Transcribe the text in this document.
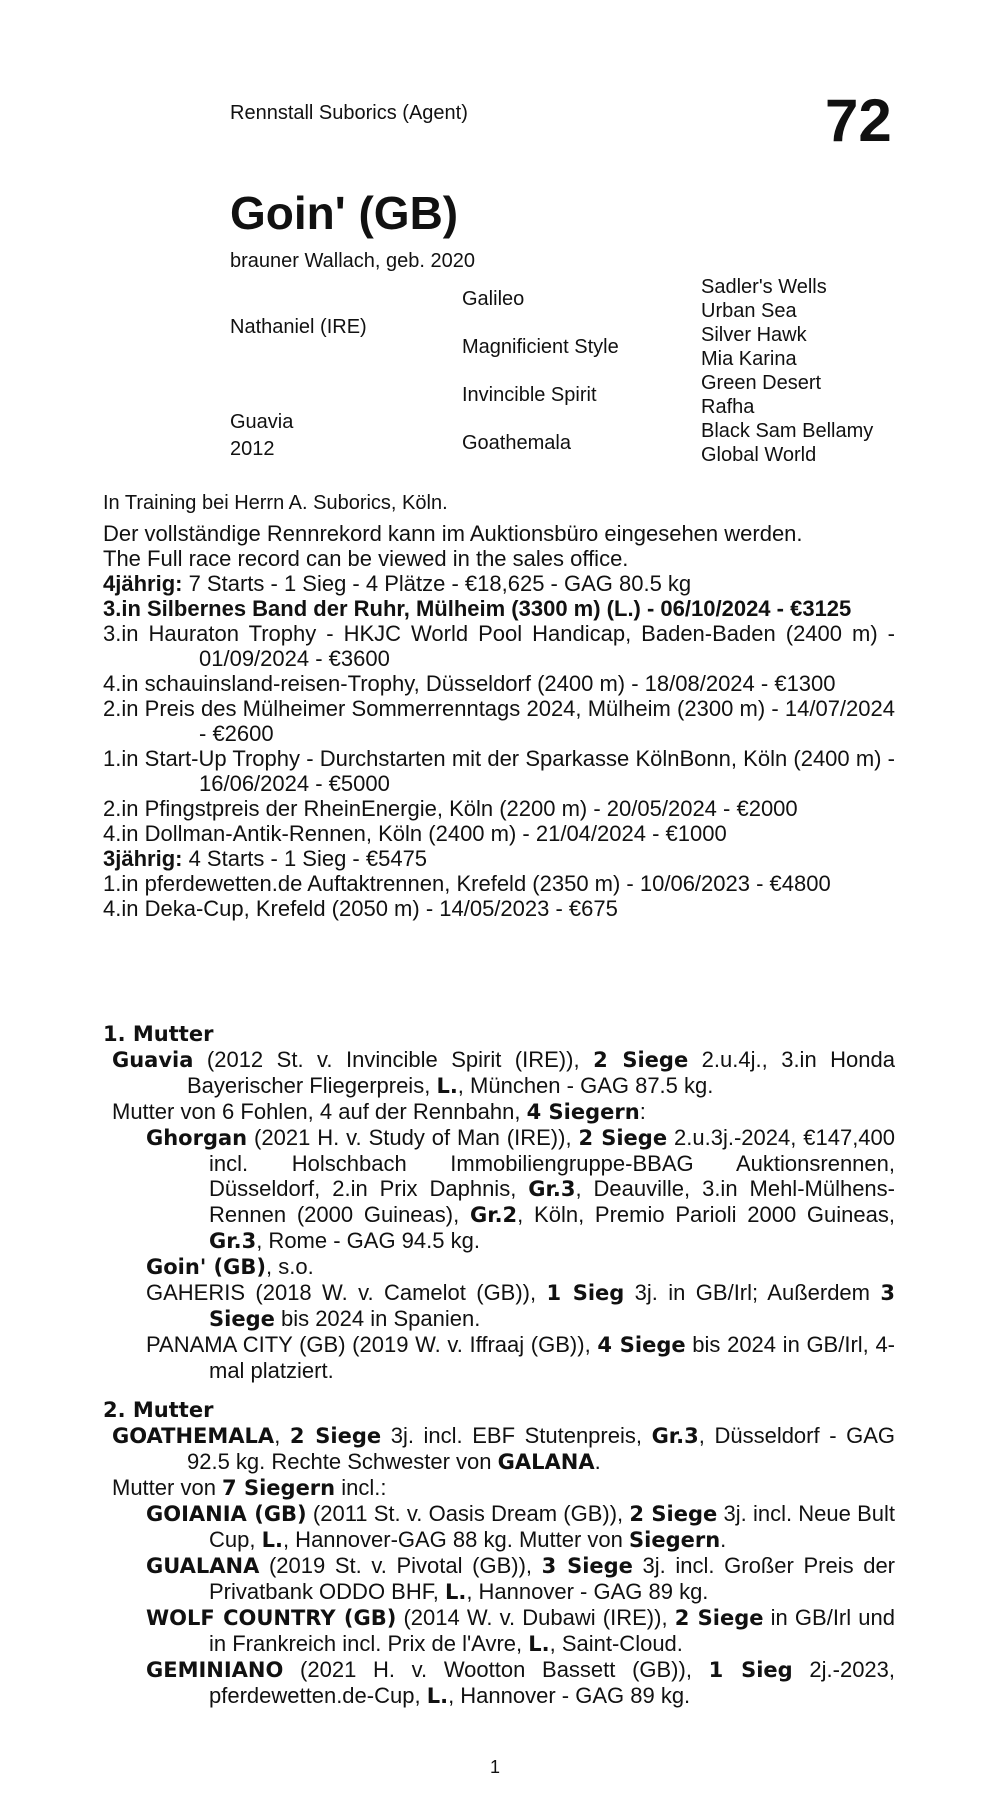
Rennstall Suborics (Agent)	72
Goin' (GB)
brauner Wallach, geb. 2020
Nathaniel (IRE)
Guavia
2012
Galileo
Magnificient Style
Invincible Spirit
Goathemala
Sadler's Wells
Urban Sea
Silver Hawk
Mia Karina
Green Desert
Rafha
Black Sam Bellamy
Global World

In Training bei Herrn A. Suborics, Köln.

Der vollständige Rennrekord kann im Auktionsbüro eingesehen werden.

The Full race record can be viewed in the sales office.

4jährig: 7 Starts - 1 Sieg - 4 Plätze - €18,625 - GAG 80.5 kg

3.in Silbernes Band der Ruhr, Mülheim (3300 m) (L.) - 06/10/2024 - €3125

3.in Hauraton Trophy - HKJC World Pool Handicap, Baden-Baden (2400 m) - 01/09/2024 - €3600

4.in schauinsland-reisen-Trophy, Düsseldorf (2400 m) - 18/08/2024 - €1300

2.in Preis des Mülheimer Sommerrenntags 2024, Mülheim (2300 m) - 14/07/2024 - €2600

1.in Start-Up Trophy - Durchstarten mit der Sparkasse KölnBonn, Köln (2400 m) - 16/06/2024 - €5000

2.in Pfingstpreis der RheinEnergie, Köln (2200 m) - 20/05/2024 - €2000

4.in Dollman-Antik-Rennen, Köln (2400 m) - 21/04/2024 - €1000

3jährig: 4 Starts - 1 Sieg - €5475

1.in pferdewetten.de Auftaktrennen, Krefeld (2350 m) - 10/06/2023 - €4800

4.in Deka-Cup, Krefeld (2050 m) - 14/05/2023 - €675

1. Mutter

Guavia (2012 St. v. Invincible Spirit (IRE)), 2 Siege 2.u.4j., 3.in Honda Bayerischer Fliegerpreis, L., München - GAG 87.5 kg.

Mutter von 6 Fohlen, 4 auf der Rennbahn, 4 Siegern:

Ghorgan (2021 H. v. Study of Man (IRE)), 2 Siege 2.u.3j.-2024, €147,400 incl. Holschbach Immobiliengruppe-BBAG Auktionsrennen, Düsseldorf, 2.in Prix Daphnis, Gr.3, Deauville, 3.in Mehl-Mülhens-Rennen (2000 Guineas), Gr.2, Köln, Premio Parioli 2000 Guineas, Gr.3, Rome - GAG 94.5 kg.

Goin' (GB), s.o.

GAHERIS (2018 W. v. Camelot (GB)), 1 Sieg 3j. in GB/Irl; Außerdem 3 Siege bis 2024 in Spanien.

PANAMA CITY (GB) (2019 W. v. Iffraaj (GB)), 4 Siege bis 2024 in GB/Irl, 4-mal platziert.

2. Mutter

GOATHEMALA, 2 Siege 3j. incl. EBF Stutenpreis, Gr.3, Düsseldorf - GAG 92.5 kg. Rechte Schwester von GALANA.

Mutter von 7 Siegern incl.:

GOIANIA (GB) (2011 St. v. Oasis Dream (GB)), 2 Siege 3j. incl. Neue Bult Cup, L., Hannover-GAG 88 kg. Mutter von Siegern.

GUALANA (2019 St. v. Pivotal (GB)), 3 Siege 3j. incl. Großer Preis der Privatbank ODDO BHF, L., Hannover - GAG 89 kg.

WOLF COUNTRY (GB) (2014 W. v. Dubawi (IRE)), 2 Siege in GB/Irl und in Frankreich incl. Prix de l'Avre, L., Saint-Cloud.

GEMINIANO (2021 H. v. Wootton Bassett (GB)), 1 Sieg 2j.-2023, pferdewetten.de-Cup, L., Hannover - GAG 89 kg.

1
